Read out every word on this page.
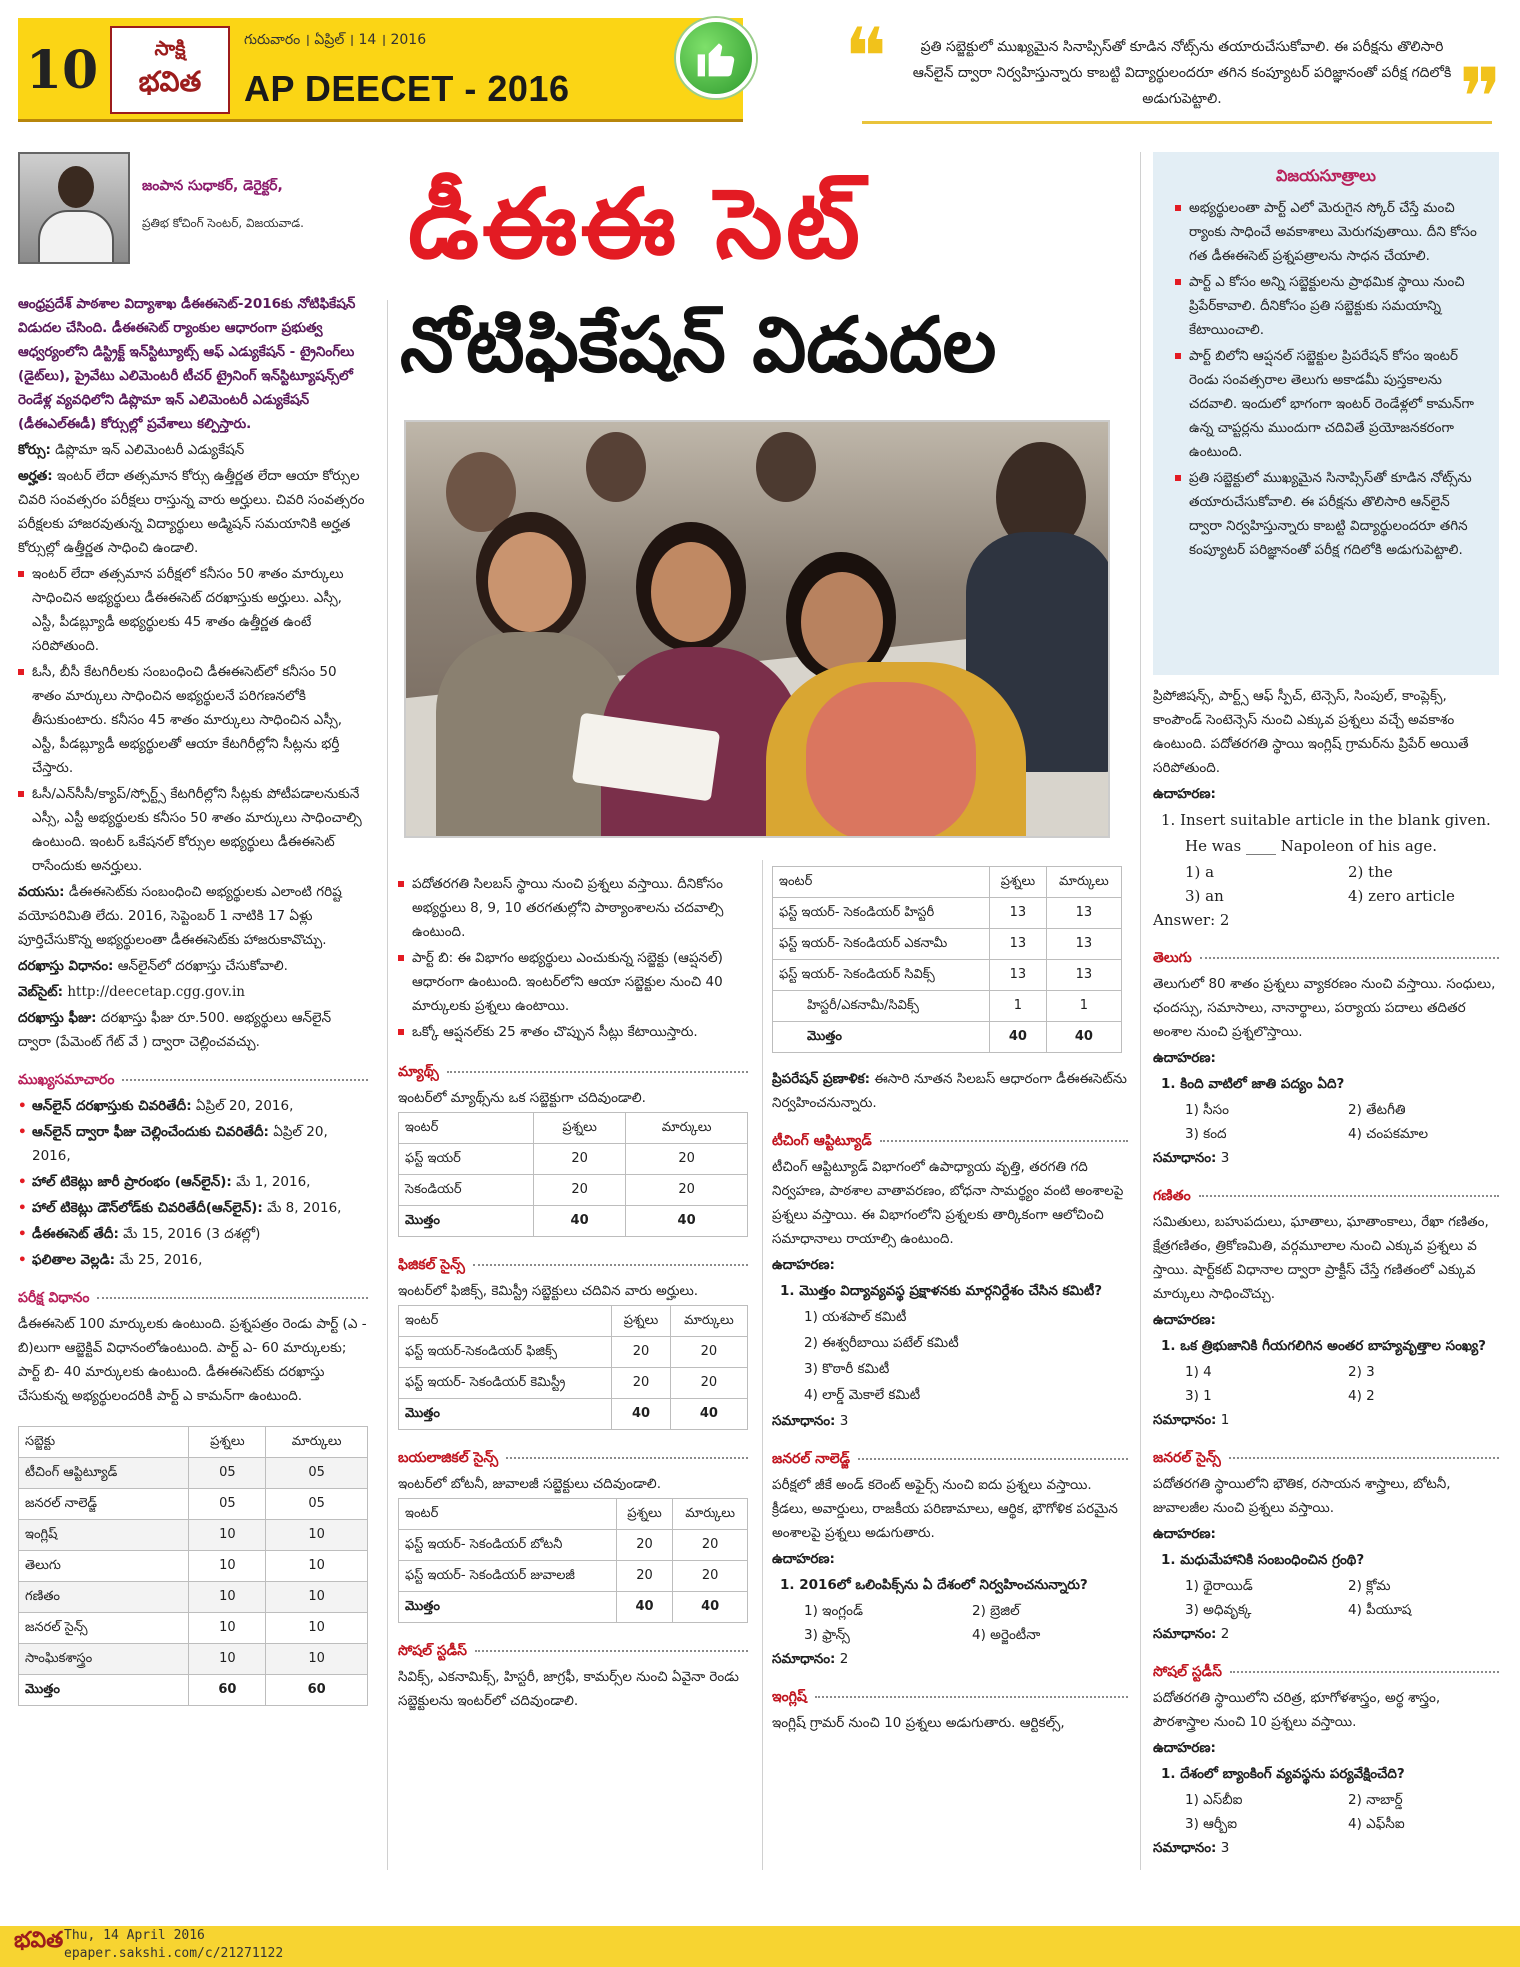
10	సాక్షి
భవిత
గురువారం । ఏప్రిల్ । 14 । 2016
AP DEECET - 2016	❝	ప్రతి సబ్జెక్టులో ముఖ్యమైన సినాప్సిస్‌తో కూడిన నోట్స్‌ను తయారుచేసుకోవాలి. ఈ పరీక్షను తొలిసారి ఆన్‌లైన్ ద్వారా నిర్వహిస్తున్నారు కాబట్టి విద్యార్థులందరూ తగిన కంప్యూటర్ పరిజ్ఞానంతో పరీక్ష గదిలోకి అడుగుపెట్టాలి.	❞
జంపాన సుధాకర్, డెరైక్టర్,
ప్రతిభ కోచింగ్ సెంటర్, విజయవాడ. డీఈఈ సెట్
నోటిఫికేషన్ విడుదల

ఆంధ్రప్రదేశ్ పాఠశాల విద్యాశాఖ డీఈఈసెట్-2016కు నోటిఫికేషన్ విడుదల చేసింది. డీఈఈసెట్ ర్యాంకుల ఆధారంగా ప్రభుత్వ ఆధ్వర్యంలోని డిస్ట్రిక్ట్ ఇన్‌స్టిట్యూట్స్ ఆఫ్ ఎడ్యుకేషన్ - ట్రైనింగ్‌లు (డైట్‌లు), ప్రైవేటు ఎలిమెంటరీ టీచర్ ట్రైనింగ్ ఇన్‌స్టిట్యూషన్స్‌లో రెండేళ్ల వ్యవధిలోని డిప్లొమా ఇన్ ఎలిమెంటరీ ఎడ్యుకేషన్ (డీఈఎల్‌ఈడీ) కోర్సుల్లో ప్రవేశాలు కల్పిస్తారు.

కోర్సు: డిప్లొమా ఇన్ ఎలిమెంటరీ ఎడ్యుకేషన్

అర్హత: ఇంటర్ లేదా తత్సమాన కోర్సు ఉత్తీర్ణత లేదా ఆయా కోర్సుల చివరి సంవత్సరం పరీక్షలు రాస్తున్న వారు అర్హులు. చివరి సంవత్సరం పరీక్షలకు హాజరవుతున్న విద్యార్థులు అడ్మిషన్ సమయానికి అర్హత కోర్సుల్లో ఉత్తీర్ణత సాధించి ఉండాలి.

ఇంటర్ లేదా తత్సమాన పరీక్షలో కనీసం 50 శాతం మార్కులు సాధించిన అభ్యర్థులు డీఈఈసెట్ దరఖాస్తుకు అర్హులు. ఎస్సీ, ఎస్టీ, పీడబ్ల్యూడీ అభ్యర్థులకు 45 శాతం ఉత్తీర్ణత ఉంటే సరిపోతుంది.

ఓసీ, బీసీ కేటగిరీలకు సంబంధించి డీఈఈసెట్‌లో కనీసం 50 శాతం మార్కులు సాధించిన అభ్యర్థులనే పరిగణనలోకి తీసుకుంటారు. కనీసం 45 శాతం మార్కులు సాధించిన ఎస్సీ, ఎస్టీ, పీడబ్ల్యూడీ అభ్యర్థులతో ఆయా కేటగిరీల్లోని సీట్లను భర్తీ చేస్తారు.

ఓసీ/ఎన్‌సీసీ/క్యాప్/స్పోర్ట్స్ కేటగిరీల్లోని సీట్లకు పోటీపడాలనుకునే ఎస్సీ, ఎస్టీ అభ్యర్థులకు కనీసం 50 శాతం మార్కులు సాధించాల్సి ఉంటుంది. ఇంటర్ ఒకేషనల్ కోర్సుల అభ్యర్థులు డీఈఈసెట్ రాసేందుకు అనర్హులు.

వయసు: డీఈఈసెట్‌కు సంబంధించి అభ్యర్థులకు ఎలాంటి గరిష్ట వయోపరిమితి లేదు. 2016, సెప్టెంబర్ 1 నాటికి 17 ఏళ్లు పూర్తిచేసుకొన్న అభ్యర్థులంతా డీఈఈసెట్‌కు హాజరుకావొచ్చు.

దరఖాస్తు విధానం: ఆన్‌లైన్‌లో దరఖాస్తు చేసుకోవాలి.

వెబ్‌సైట్: http://deecetap.cgg.gov.in

దరఖాస్తు ఫీజు: దరఖాస్తు ఫీజు రూ.500. అభ్యర్థులు ఆన్‌లైన్ ద్వారా (పేమెంట్ గేట్ వే ) ద్వారా చెల్లించవచ్చు.

ముఖ్యసమాచారం

• ఆన్‌లైన్ దరఖాస్తుకు చివరితేదీ: ఏప్రిల్ 20, 2016,

• ఆన్‌లైన్ ద్వారా ఫీజు చెల్లించేందుకు చివరితేదీ: ఏప్రిల్ 20, 2016,

• హాల్ టికెట్లు జారీ ప్రారంభం (ఆన్‌లైన్): మే 1, 2016,

• హాల్ టికెట్లు డౌన్‌లోడ్‌కు చివరితేదీ(ఆన్‌లైన్): మే 8, 2016,

• డీఈఈసెట్ తేదీ: మే 15, 2016 (3 దశల్లో)

• ఫలితాల వెల్లడి: మే 25, 2016,

పరీక్ష విధానం

డీఈఈసెట్ 100 మార్కులకు ఉంటుంది. ప్రశ్నపత్రం రెండు పార్ట్‌ (ఎ - బి)లుగా ఆబ్జెక్టివ్ విధానంలోఉంటుంది. పార్ట్ ఎ- 60 మార్కులకు; పార్ట్ బి- 40 మార్కులకు ఉంటుంది. డీఈఈసెట్‌కు దరఖాస్తు చేసుకున్న అభ్యర్థులందరికీ పార్ట్ ఎ కామన్‌గా ఉంటుంది.

సబ్జెక్టు	ప్రశ్నలు	మార్కులు
టీచింగ్ ఆప్టిట్యూడ్	05	05
జనరల్ నాలెడ్జ్	05	05
ఇంగ్లిష్	10	10
తెలుగు	10	10
గణితం	10	10
జనరల్ సైన్స్	10	10
సాంఘికశాస్త్రం	10	10
మొత్తం	60	60

పదోతరగతి సిలబస్ స్థాయి నుంచి ప్రశ్నలు వస్తాయి. దీనికోసం అభ్యర్థులు 8, 9, 10 తరగతుల్లోని పాఠ్యాంశాలను చదవాల్సి ఉంటుంది.

పార్ట్ బి: ఈ విభాగం అభ్యర్థులు ఎంచుకున్న సబ్జెక్టు (ఆప్షనల్) ఆధారంగా ఉంటుంది. ఇంటర్‌లోని ఆయా సబ్జెక్టుల నుంచి 40 మార్కులకు ప్రశ్నలు ఉంటాయి.

ఒక్కో ఆప్షనల్‌కు 25 శాతం చొప్పున సీట్లు కేటాయిస్తారు.

మ్యాథ్స్

ఇంటర్‌లో మ్యాథ్స్‌ను ఒక సబ్జెక్టుగా చదివుండాలి.

ఇంటర్	ప్రశ్నలు	మార్కులు
ఫస్ట్ ఇయర్	20	20
సెకండియర్	20	20
మొత్తం	40	40
ఫిజికల్ సైన్స్

ఇంటర్‌లో ఫిజిక్స్, కెమిస్ట్రీ సబ్జెక్టులు చదివిన వారు అర్హులు.

ఇంటర్	ప్రశ్నలు	మార్కులు
ఫస్ట్ ఇయర్-సెకండియర్ ఫిజిక్స్	20	20
ఫస్ట్ ఇయర్- సెకండియర్ కెమిస్ట్రీ	20	20
మొత్తం	40	40
బయలాజికల్ సైన్స్

ఇంటర్‌లో బోటనీ, జువాలజీ సబ్జెక్టులు చదివుండాలి.

ఇంటర్	ప్రశ్నలు	మార్కులు
ఫస్ట్ ఇయర్- సెకండియర్ బోటనీ	20	20
ఫస్ట్ ఇయర్- సెకండియర్ జువాలజీ	20	20
మొత్తం	40	40
సోషల్ స్టడీస్

సివిక్స్, ఎకనామిక్స్, హిస్టరీ, జాగ్రఫీ, కామర్స్‌ల నుంచి ఏవైనా రెండు సబ్జెక్టులను ఇంటర్‌లో చదివుండాలి.

ఇంటర్	ప్రశ్నలు	మార్కులు
ఫస్ట్ ఇయర్- సెకండియర్ హిస్టరీ	13	13
ఫస్ట్ ఇయర్- సెకండియర్ ఎకనామీ	13	13
ఫస్ట్ ఇయర్- సెకండియర్ సివిక్స్	13	13
హిస్టరీ/ఎకనామీ/సివిక్స్	1	1
మొత్తం	40	40

ప్రిపరేషన్ ప్రణాళిక: ఈసారి నూతన సిలబస్ ఆధారంగా డీఈఈసెట్‌ను నిర్వహించనున్నారు.

టీచింగ్ ఆప్టిట్యూడ్

టీచింగ్ ఆప్టిట్యూడ్ విభాగంలో ఉపాధ్యాయ వృత్తి, తరగతి గది నిర్వహణ, పాఠశాల వాతావరణం, బోధనా సామర్థ్యం వంటి అంశాలపై ప్రశ్నలు వస్తాయి. ఈ విభాగంలోని ప్రశ్నలకు తార్కికంగా ఆలోచించి సమాధానాలు రాయాల్సి ఉంటుంది.

ఉదాహరణ:

1. మొత్తం విద్యావ్యవస్థ ప్రక్షాళనకు మార్గనిర్దేశం చేసిన కమిటీ?

1) యశపాల్ కమిటీ

2) ఈశ్వరీబాయి పటేల్ కమిటీ

3) కొఠారీ కమిటీ

4) లార్డ్ మెకాలే కమిటీ

సమాధానం: 3

జనరల్ నాలెడ్జ్

పరీక్షలో జీకే అండ్ కరెంట్ అఫైర్స్ నుంచి ఐదు ప్రశ్నలు వస్తాయి. క్రీడలు, అవార్డులు, రాజకీయ పరిణామాలు, ఆర్థిక, భౌగోళిక పరమైన అంశాలపై ప్రశ్నలు అడుగుతారు.

ఉదాహరణ:

1. 2016లో ఒలింపిక్స్‌ను ఏ దేశంలో నిర్వహించనున్నారు?

1) ఇంగ్లండ్	2) బ్రెజిల్
3) ఫ్రాన్స్	4) అర్జెంటీనా

సమాధానం: 2

ఇంగ్లిష్

ఇంగ్లిష్ గ్రామర్ నుంచి 10 ప్రశ్నలు అడుగుతారు. ఆర్టికల్స్,

విజయసూత్రాలు

అభ్యర్థులంతా పార్ట్ ఎలో మెరుగైన స్కోర్ చేస్తే మంచి ర్యాంకు సాధించే అవకాశాలు మెరుగవుతాయి. దీని కోసం గత డీఈఈసెట్ ప్రశ్నపత్రాలను సాధన చేయాలి.

పార్ట్ ఎ కోసం అన్ని సబ్జెక్టులను ప్రాథమిక స్థాయి నుంచి ప్రిపేర్‌కావాలి. దీనికోసం ప్రతి సబ్జెక్టుకు సమయాన్ని కేటాయించాలి.

పార్ట్ బిలోని ఆప్షనల్ సబ్జెక్టుల ప్రిపరేషన్ కోసం ఇంటర్ రెండు సంవత్సరాల తెలుగు అకాడమీ పుస్తకాలను చదవాలి. ఇందులో భాగంగా ఇంటర్ రెండేళ్లలో కామన్‌గా ఉన్న చాప్టర్లను ముందుగా చదివితే ప్రయోజనకరంగా ఉంటుంది.

ప్రతి సబ్జెక్టులో ముఖ్యమైన సినాప్సిస్‌తో కూడిన నోట్స్‌ను తయారుచేసుకోవాలి. ఈ పరీక్షను తొలిసారి ఆన్‌లైన్ ద్వారా నిర్వహిస్తున్నారు కాబట్టి విద్యార్థులందరూ తగిన కంప్యూటర్ పరిజ్ఞానంతో పరీక్ష గదిలోకి అడుగుపెట్టాలి.

ప్రిపోజిషన్స్, పార్ట్స్ ఆఫ్ స్పీచ్, టెన్సెస్, సింపుల్, కాంప్లెక్స్, కాంపౌండ్ సెంటెన్సెస్ నుంచి ఎక్కువ ప్రశ్నలు వచ్చే అవకాశం ఉంటుంది. పదోతరగతి స్థాయి ఇంగ్లిష్ గ్రామర్‌ను ప్రిపేర్ అయితే సరిపోతుంది.

ఉదాహరణ:

1. Insert suitable article in the blank given.

He was ____ Napoleon of his age.

1) a	2) the
3) an	4) zero article

Answer: 2

తెలుగు

తెలుగులో 80 శాతం ప్రశ్నలు వ్యాకరణం నుంచి వస్తాయి. సంధులు, ఛందస్సు, సమాసాలు, నానార్థాలు, పర్యాయ పదాలు తదితర అంశాల నుంచి ప్రశ్నలొస్తాయి.

ఉదాహరణ:

1. కింది వాటిలో జాతి పద్యం ఏది?

1) సీసం	2) తేటగీతి
3) కంద	4) చంపకమాల

సమాధానం: 3

గణితం

సమితులు, బహుపదులు, ఘాతాలు, ఘాతాంకాలు, రేఖా గణితం, క్షేత్రగణితం, త్రికోణమితి, వర్గమూలాల నుంచి ఎక్కువ ప్రశ్నలు వ స్తాయి. షార్ట్‌కట్ విధానాల ద్వారా ప్రాక్టీస్ చేస్తే గణితంలో ఎక్కువ మార్కులు సాధించొచ్చు.

ఉదాహరణ:

1. ఒక త్రిభుజానికి గీయగలిగిన అంతర బాహ్యవృత్తాల సంఖ్య?

1) 4	2) 3
3) 1	4) 2

సమాధానం: 1

జనరల్ సైన్స్

పదోతరగతి స్థాయిలోని భౌతిక, రసాయన శాస్త్రాలు, బోటనీ, జువాలజీల నుంచి ప్రశ్నలు వస్తాయి.

ఉదాహరణ:

1. మధుమేహానికి సంబంధించిన గ్రంథి?

1) థైరాయిడ్	2) క్లోమ
3) అధివృక్క	4) పీయూష

సమాధానం: 2

సోషల్ స్టడీస్

పదోతరగతి స్థాయిలోని చరిత్ర, భూగోళశాస్త్రం, అర్థ శాస్త్రం, పౌరశాస్త్రాల నుంచి 10 ప్రశ్నలు వస్తాయి.

ఉదాహరణ:

1. దేశంలో బ్యాంకింగ్ వ్యవస్థను పర్యవేక్షించేది?

1) ఎస్‌బీఐ	2) నాబార్డ్
3) ఆర్బీఐ	4) ఎఫ్‌సీఐ

సమాధానం: 3

భవిత Thu, 14 April 2016
epaper.sakshi.com/c/21271122
